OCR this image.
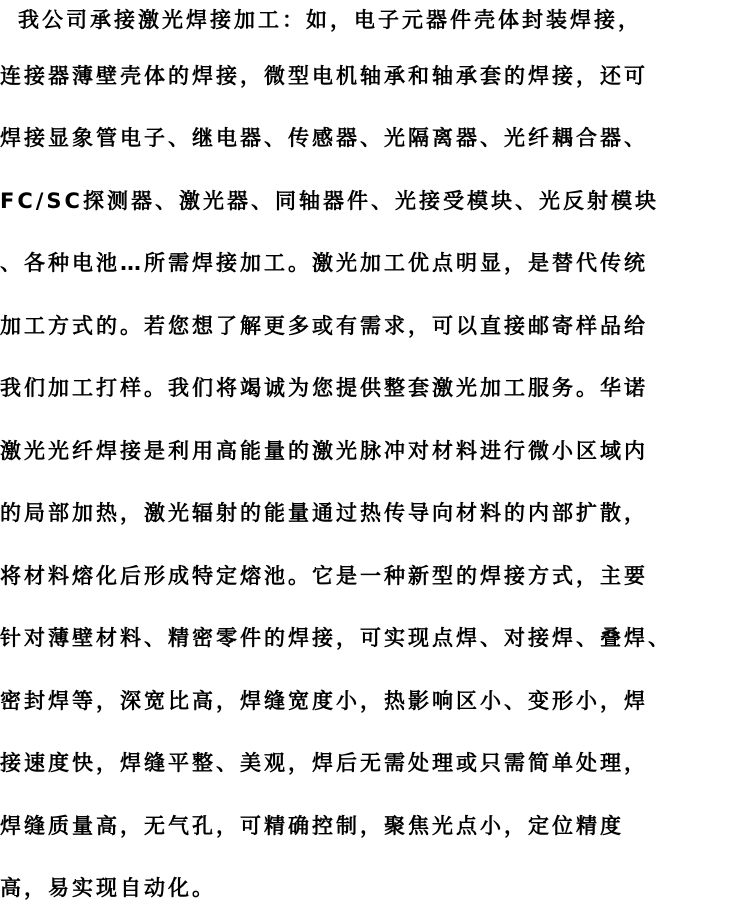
我公司承接激光焊接加工：如，电子元器件壳体封装焊接，
连接器薄壁壳体的焊接，微型电机轴承和轴承套的焊接，还可
焊接显象管电子、继电器、传感器、光隔离器、光纤耦合器、
FC/SC探测器、激光器、同轴器件、光接受模块、光反射模块
、各种电池…所需焊接加工。激光加工优点明显，是替代传统
加工方式的。若您想了解更多或有需求，可以直接邮寄样品给
我们加工打样。我们将竭诚为您提供整套激光加工服务。华诺
激光光纤焊接是利用高能量的激光脉冲对材料进行微小区域内
的局部加热，激光辐射的能量通过热传导向材料的内部扩散，
将材料熔化后形成特定熔池。它是一种新型的焊接方式，主要
针对薄壁材料、精密零件的焊接，可实现点焊、对接焊、叠焊、
密封焊等，深宽比高，焊缝宽度小，热影响区小、变形小，焊
接速度快，焊缝平整、美观，焊后无需处理或只需简单处理，
焊缝质量高，无气孔，可精确控制，聚焦光点小，定位精度
高，易实现自动化。
